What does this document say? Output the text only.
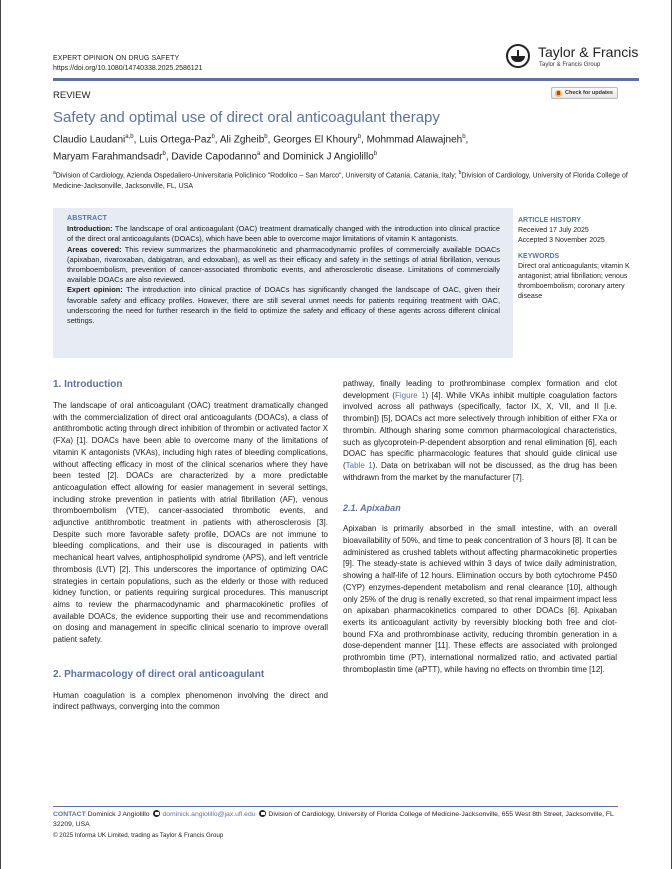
EXPERT OPINION ON DRUG SAFETY
https://doi.org/10.1080/14740338.2025.2586121
Taylor & Francis
Taylor & Francis Group
Check for updates
REVIEW
Safety and optimal use of direct oral anticoagulant therapy
Claudio Laudani$^{a,b}$, Luis Ortega-Paz$^b$, Ali Zgheib$^b$, Georges El Khoury$^b$, Mohmmad Alawajneh$^b$,
Maryam Farahmandsadr$^b$, Davide Capodanno$^a$ and Dominick J Angiolillo$^b$
$^a$Division of Cardiology, Azienda Ospedaliero-Universitaria Policlinico "Rodolico – San Marco", University of Catania, Catania, Italy; $^b$Division of Cardiology, University of Florida College of Medicine-Jacksonville, Jacksonville, FL, USA
ABSTRACT
Introduction: The landscape of oral anticoagulant (OAC) treatment dramatically changed with the introduction into clinical practice of the direct oral anticoagulants (DOACs), which have been able to overcome major limitations of vitamin K antagonists.
Areas covered: This review summarizes the pharmacokinetic and pharmacodynamic profiles of commercially available DOACs (apixaban, rivaroxaban, dabigatran, and edoxaban), as well as their efficacy and safety in the settings of atrial fibrillation, venous thromboembolism, prevention of cancer-associated thrombotic events, and atherosclerotic disease. Limitations of commercially available DOACs are also reviewed.
Expert opinion: The introduction into clinical practice of DOACs has significantly changed the landscape of OAC, given their favorable safety and efficacy profiles. However, there are still several unmet needs for patients requiring treatment with OAC, underscoring the need for further research in the field to optimize the safety and efficacy of these agents across different clinical settings.
ARTICLE HISTORY
Received 17 July 2025
Accepted 3 November 2025
KEYWORDS
Direct oral anticoagulants; vitamin K antagonist; atrial fibrillation; venous thromboembolism; coronary artery disease
1. Introduction

The landscape of oral anticoagulant (OAC) treatment dramatically changed with the commercialization of direct oral anticoagulants (DOACs), a class of antithrombotic acting through direct inhibition of thrombin or activated factor X (FXa) [1]. DOACs have been able to overcome many of the limitations of vitamin K antagonists (VKAs), including high rates of bleeding complications, without affecting efficacy in most of the clinical scenarios where they have been tested [2]. DOACs are characterized by a more predictable anticoagulation effect allowing for easier management in several settings, including stroke prevention in patients with atrial fibrillation (AF), venous thromboembolism (VTE), cancer-associated thrombotic events, and adjunctive antithrombotic treatment in patients with atherosclerosis [3]. Despite such more favorable safety profile, DOACs are not immune to bleeding complications, and their use is discouraged in patients with mechanical heart valves, antiphospholipid syndrome (APS), and left ventricle thrombosis (LVT) [2]. This underscores the importance of optimizing OAC strategies in certain populations, such as the elderly or those with reduced kidney function, or patients requiring surgical procedures. This manuscript aims to review the pharmacodynamic and pharmacokinetic profiles of available DOACs, the evidence supporting their use and recommendations on dosing and management in specific clinical scenario to improve overall patient safety.

2. Pharmacology of direct oral anticoagulant

Human coagulation is a complex phenomenon involving the direct and indirect pathways, converging into the common

pathway, finally leading to prothrombinase complex formation and clot development (Figure 1) [4]. While VKAs inhibit multiple coagulation factors involved across all pathways (specifically, factor IX, X, VII, and II [i.e. thrombin]) [5], DOACs act more selectively through inhibition of either FXa or thrombin. Although sharing some common pharmacological characteristics, such as glycoprotein-P-dependent absorption and renal elimination [6], each DOAC has specific pharmacologic features that should guide clinical use (Table 1). Data on betrixaban will not be discussed, as the drug has been withdrawn from the market by the manufacturer [7].

2.1. Apixaban

Apixaban is primarily absorbed in the small intestine, with an overall bioavailability of 50%, and time to peak concentration of 3 hours [8]. It can be administered as crushed tablets without affecting pharmacokinetic properties [9]. The steady-state is achieved within 3 days of twice daily administration, showing a half-life of 12 hours. Elimination occurs by both cytochrome P450 (CYP) enzymes-dependent metabolism and renal clearance [10], although only 25% of the drug is renally excreted, so that renal impairment impact less on apixaban pharmacokinetics compared to other DOACs [6]. Apixaban exerts its anticoagulant activity by reversibly blocking both free and clot-bound FXa and prothrombinase activity, reducing thrombin generation in a dose-dependent manner [11]. These effects are associated with prolonged prothrombin time (PT), international normalized ratio, and activated partial thromboplastin time (aPTT), while having no effects on thrombin time [12].

CONTACT Dominick J Angiolillo dominick.angiolillo@jax.ufl.edu Division of Cardiology, University of Florida College of Medicine-Jacksonville, 655 West 8th Street, Jacksonville, FL 32209, USA
© 2025 Informa UK Limited, trading as Taylor & Francis Group
